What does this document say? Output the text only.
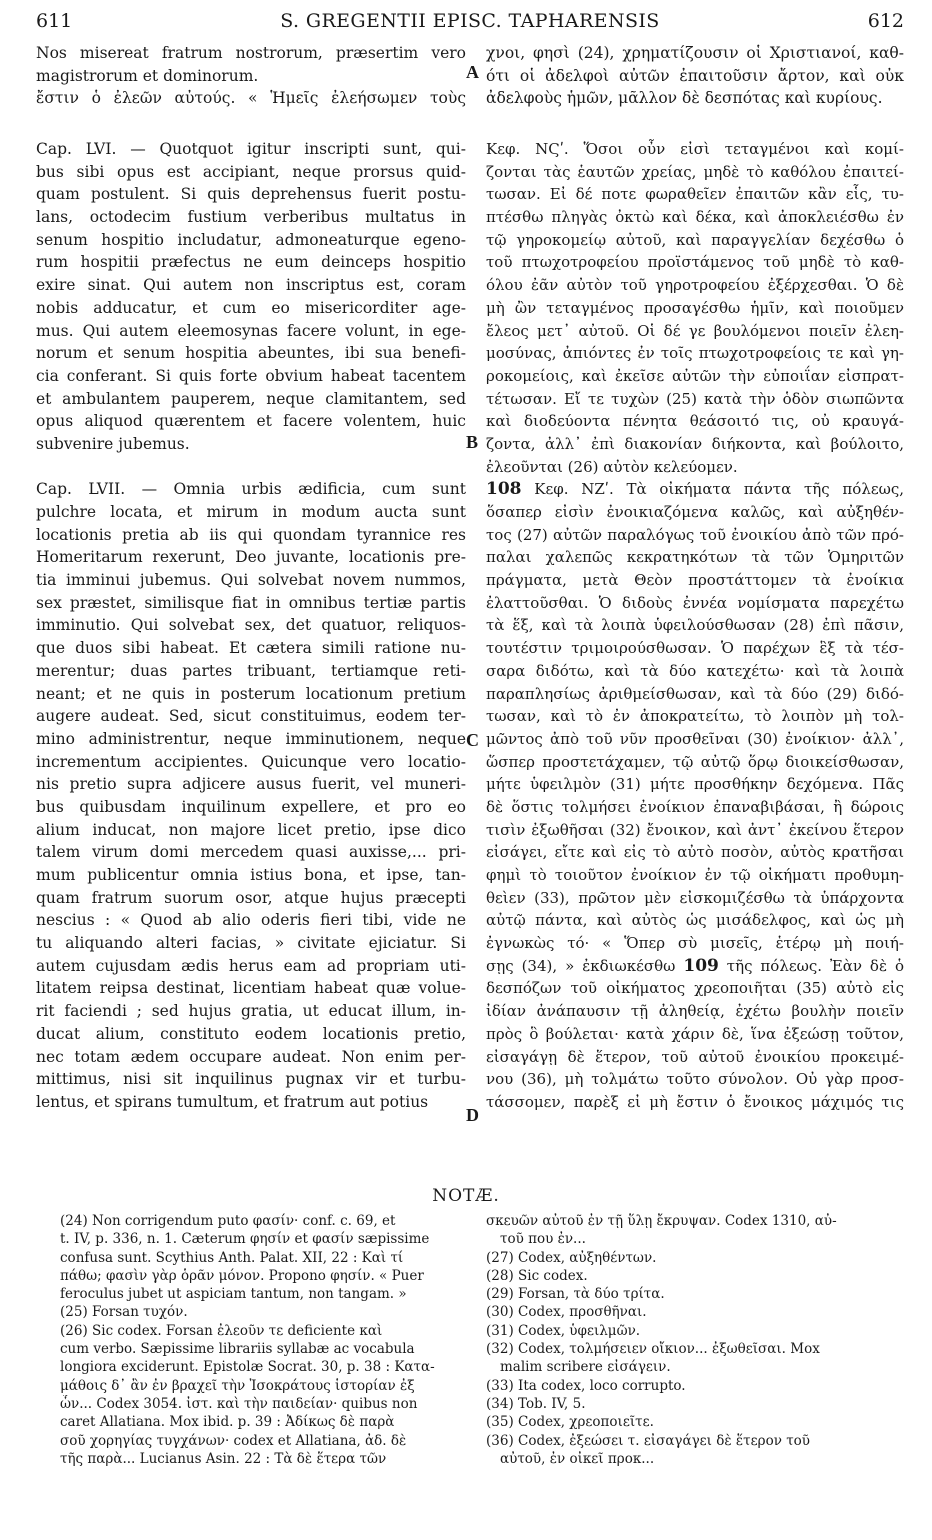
611	S. GREGENTII EPISC. TAPHARENSIS	612
Nos misereat fratrum nostrorum, præsertim vero
magistrorum et dominorum.
ἔστιν ὁ ἐλεῶν αὐτούς. « Ἡμεῖς ἐλεήσωμεν τοὺς
χνοι, φησὶ (24), χρηματίζουσιν οἱ Χριστιανοί, καθ-
ότι οἱ ἀδελφοὶ αὐτῶν ἐπαιτοῦσιν ἄρτον, καὶ οὐκ
ἀδελφοὺς ἡμῶν, μᾶλλον δὲ δεσπότας καὶ κυρίους.
A
B
C
D
Cap. LVI. — Quotquot igitur inscripti sunt, qui-
bus sibi opus est accipiant, neque prorsus quid-
quam postulent. Si quis deprehensus fuerit postu-
lans, octodecim fustium verberibus multatus in
senum hospitio includatur, admoneaturque egeno-
rum hospitii præfectus ne eum deinceps hospitio
exire sinat. Qui autem non inscriptus est, coram
nobis adducatur, et cum eo misericorditer age-
mus. Qui autem eleemosynas facere volunt, in ege-
norum et senum hospitia abeuntes, ibi sua benefi-
cia conferant. Si quis forte obvium habeat tacentem
et ambulantem pauperem, neque clamitantem, sed
opus aliquod quærentem et facere volentem, huic
subvenire jubemus.
Cap. LVII. — Omnia urbis ædificia, cum sunt
pulchre locata, et mirum in modum aucta sunt
locationis pretia ab iis qui quondam tyrannice res
Homeritarum rexerunt, Deo juvante, locationis pre-
tia imminui jubemus. Qui solvebat novem nummos,
sex præstet, similisque fiat in omnibus tertiæ partis
imminutio. Qui solvebat sex, det quatuor, reliquos-
que duos sibi habeat. Et cætera simili ratione nu-
merentur; duas partes tribuant, tertiamque reti-
neant; et ne quis in posterum locationum pretium
augere audeat. Sed, sicut constituimus, eodem ter-
mino administrentur, neque imminutionem, neque
incrementum accipientes. Quicunque vero locatio-
nis pretio supra adjicere ausus fuerit, vel muneri-
bus quibusdam inquilinum expellere, et pro eo
alium inducat, non majore licet pretio, ipse dico
talem virum domi mercedem quasi auxisse,... pri-
mum publicentur omnia istius bona, et ipse, tan-
quam fratrum suorum osor, atque hujus præcepti
nescius : « Quod ab alio oderis fieri tibi, vide ne
tu aliquando alteri facias, » civitate ejiciatur. Si
autem cujusdam ædis herus eam ad propriam uti-
litatem reipsa destinat, licentiam habeat quæ volue-
rit faciendi ; sed hujus gratia, ut educat illum, in-
ducat alium, constituto eodem locationis pretio,
nec totam ædem occupare audeat. Non enim per-
mittimus, nisi sit inquilinus pugnax vir et turbu-
lentus, et spirans tumultum, et fratrum aut potius
Κεφ. ΝϚʹ. Ὅσοι οὖν εἰσὶ τεταγμένοι καὶ κομί-
ζονται τὰς ἑαυτῶν χρείας, μηδὲ τὸ καθόλου ἐπαιτεί-
τωσαν. Εἰ δέ ποτε φωραθεῖεν ἐπαιτῶν κἂν εἷς, τυ-
πτέσθω πληγὰς ὀκτὼ καὶ δέκα, καὶ ἀποκλειέσθω ἐν
τῷ γηροκομείῳ αὐτοῦ, καὶ παραγγελίαν δεχέσθω ὁ
τοῦ πτωχοτροφείου προϊστάμενος τοῦ μηδὲ τὸ καθ-
όλου ἐᾶν αὐτὸν τοῦ γηροτροφείου ἐξέρχεσθαι. Ὁ δὲ
μὴ ὢν τεταγμένος προσαγέσθω ἡμῖν, καὶ ποιοῦμεν
ἔλεος μετ᾽ αὐτοῦ. Οἱ δέ γε βουλόμενοι ποιεῖν ἐλεη-
μοσύνας, ἀπιόντες ἐν τοῖς πτωχοτροφείοις τε καὶ γη-
ροκομείοις, καὶ ἐκεῖσε αὐτῶν τὴν εὐποιΐαν εἰσπρατ-
τέτωσαν. Εἴ τε τυχὼν (25) κατὰ τὴν ὁδὸν σιωπῶντα
καὶ διοδεύοντα πένητα θεάσοιτό τις, οὐ κραυγά-
ζοντα, ἀλλ᾽ ἐπὶ διακονίαν διήκοντα, καὶ βούλοιτο,
ἐλεοῦνται (26) αὐτὸν κελεύομεν.
108 Κεφ. ΝΖʹ. Τὰ οἰκήματα πάντα τῆς πόλεως,
ὅσαπερ εἰσὶν ἐνοικιαζόμενα καλῶς, καὶ αὐξηθέν-
τος (27) αὐτῶν παραλόγως τοῦ ἐνοικίου ἀπὸ τῶν πρό-
παλαι χαλεπῶς κεκρατηκότων τὰ τῶν Ὁμηριτῶν
πράγματα, μετὰ Θεὸν προστάττομεν τὰ ἐνοίκια
ἐλαττοῦσθαι. Ὁ διδοὺς ἐννέα νομίσματα παρεχέτω
τὰ ἕξ, καὶ τὰ λοιπὰ ὑφειλούσθωσαν (28) ἐπὶ πᾶσιν,
τουτέστιν τριμοιρούσθωσαν. Ὁ παρέχων ἓξ τὰ τέσ-
σαρα διδότω, καὶ τὰ δύο κατεχέτω· καὶ τὰ λοιπὰ
παραπλησίως ἀριθμείσθωσαν, καὶ τὰ δύο (29) διδό-
τωσαν, καὶ τὸ ἐν ἀποκρατείτω, τὸ λοιπὸν μὴ τολ-
μῶντος ἀπὸ τοῦ νῦν προσθεῖναι (30) ἐνοίκιον· ἀλλ᾽,
ὥσπερ προστετάχαμεν, τῷ αὐτῷ ὅρῳ διοικείσθωσαν,
μήτε ὑφειλμὸν (31) μήτε προσθήκην δεχόμενα. Πᾶς
δὲ ὅστις τολμήσει ἐνοίκιον ἐπαναβιβάσαι, ἢ δώροις
τισὶν ἐξωθῆσαι (32) ἔνοικον, καὶ ἀντ᾽ ἐκείνου ἕτερον
εἰσάγει, εἴτε καὶ εἰς τὸ αὐτὸ ποσὸν, αὐτὸς κρατῆσαι
φημὶ τὸ τοιοῦτον ἐνοίκιον ἐν τῷ οἰκήματι προθυμη-
θεὶεν (33), πρῶτον μὲν εἰσκομιζέσθω τὰ ὑπάρχοντα
αὐτῷ πάντα, καὶ αὐτὸς ὡς μισάδελφος, καὶ ὡς μὴ
ἐγνωκὼς τό· « Ὅπερ σὺ μισεῖς, ἑτέρῳ μὴ ποιή-
σῃς (34), » ἐκδιωκέσθω 109 τῆς πόλεως. Ἐὰν δὲ ὁ
δεσπόζων τοῦ οἰκήματος χρεοποιῆται (35) αὐτὸ εἰς
ἰδίαν ἀνάπαυσιν τῇ ἀληθείᾳ, ἐχέτω βουλὴν ποιεῖν
πρὸς ὃ βούλεται· κατὰ χάριν δὲ, ἵνα ἐξεώσῃ τοῦτον,
εἰσαγάγῃ δὲ ἕτερον, τοῦ αὐτοῦ ἐνοικίου προκειμέ-
νου (36), μὴ τολμάτω τοῦτο σύνολον. Οὐ γὰρ προσ-
τάσσομεν, παρὲξ εἰ μὴ ἔστιν ὁ ἔνοικος μάχιμός τις
NOTÆ.
(24) Non corrigendum puto φασίν· conf. c. 69, et
t. IV, p. 336, n. 1. Cæterum φησίν et φασίν sæpissime
confusa sunt. Scythius Anth. Palat. XII, 22 : Καὶ τί
πάθω; φασὶν γὰρ ὁρᾶν μόνον. Propono φησίν. « Puer
ferοculus jubet ut aspiciam tantum, non tangam. »
(25) Forsan τυχόν.
(26) Sic codex. Forsan ἐλεοῦν τε deficiente καὶ
cum verbo. Sæpissime librariis syllabæ ac vocabula
longiora exciderunt. Epistolæ Socrat. 30, p. 38 : Κατα-
μάθοις δ᾽ ἂν ἐν βραχεῖ τὴν Ἰσοκράτους ἱστορίαν ἐξ
ὧν... Codex 3054. ἰστ. καὶ τὴν παιδείαν· quibus non
caret Allatiana. Mox ibid. p. 39 : Ἀδίκως δὲ παρὰ
σοῦ χορηγίας τυγχάνων· codex et Allatiana, ἀδ. δὲ
τῆς παρὰ... Lucianus Asin. 22 : Τὰ δὲ ἕτερα τῶν
σκευῶν αὐτοῦ ἐν τῇ ὕλῃ ἔκρυψαν. Codex 1310, αὐ-
τοῦ που ἐν...
(27) Codex, αὐξηθέντων.
(28) Sic codex.
(29) Forsan, τὰ δύο τρίτα.
(30) Codex, προσθῆναι.
(31) Codex, ὑφειλμῶν.
(32) Codex, τολμήσειεν οἴκιον... ἐξωθεῖσαι. Mox
malim scribere εἰσάγειν.
(33) Ita codex, loco corrupto.
(34) Tob. IV, 5.
(35) Codex, χρεοποιεῖτε.
(36) Codex, ἐξεώσει τ. εἰσαγάγει δὲ ἕτερον τοῦ
αὐτοῦ, ἐν οἰκεῖ προκ...
